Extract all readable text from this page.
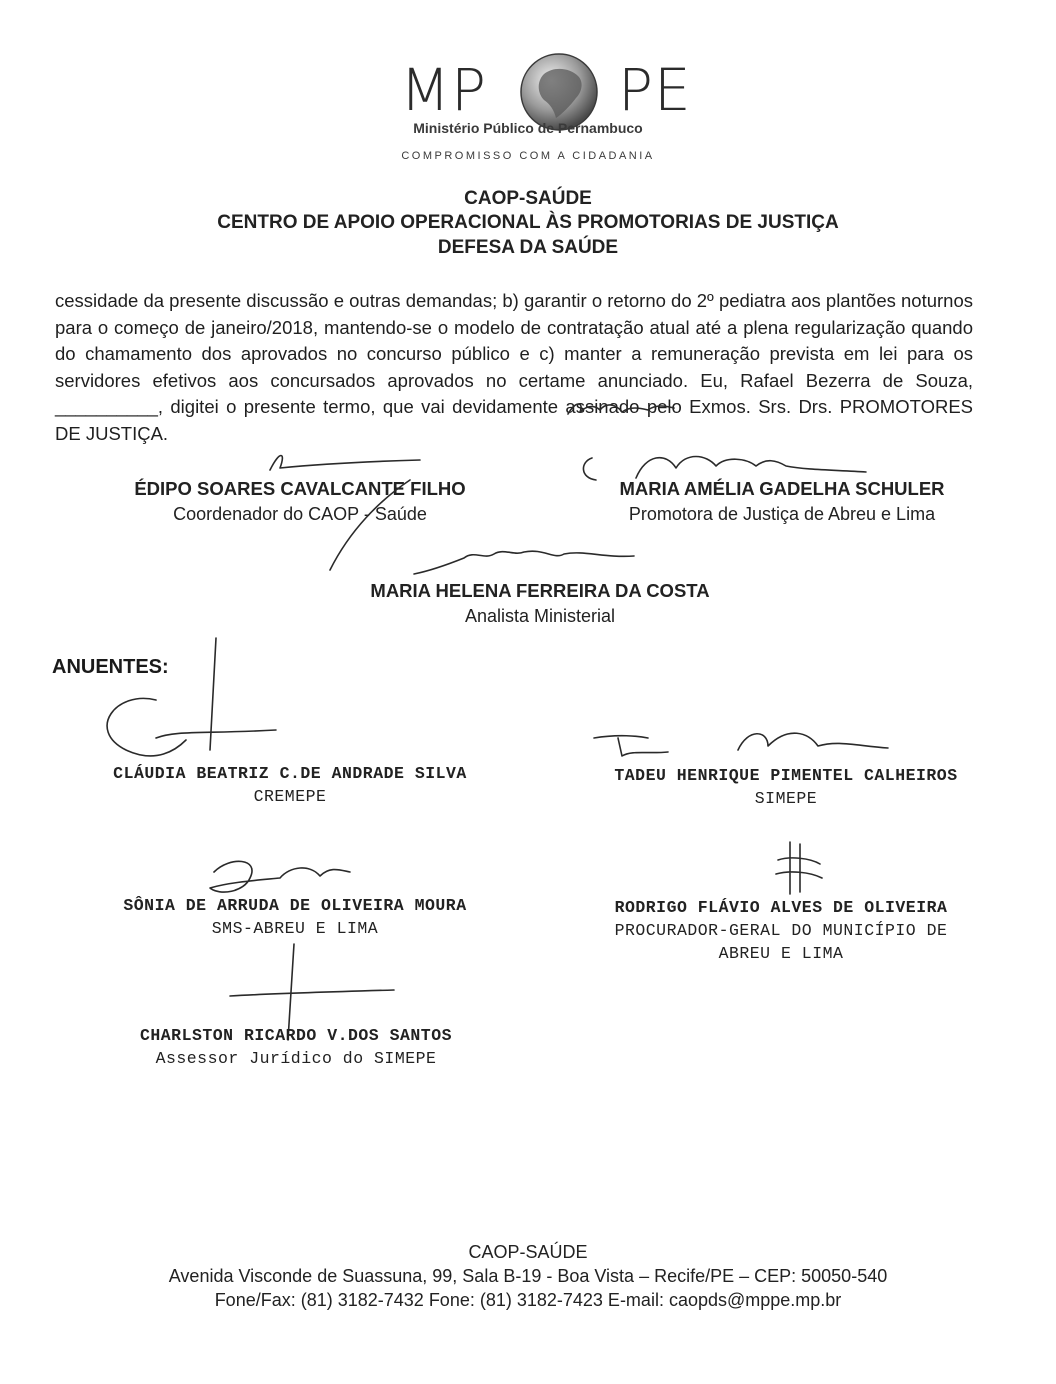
MP PE
Ministério Público de Pernambuco
COMPROMISSO COM A CIDADANIA
CAOP-SAÚDE
CENTRO DE APOIO OPERACIONAL ÀS PROMOTORIAS DE JUSTIÇA
DEFESA DA SAÚDE
cessidade da presente discussão e outras demandas; b) garantir o retorno do 2º pediatra aos plantões noturnos para o começo de janeiro/2018, mantendo-se o modelo de contratação atual até a plena regularização quando do chamamento dos aprovados no concurso público e c) manter a remuneração prevista em lei para os servidores efetivos aos concursados aprovados no certame anunciado. Eu, Rafael Bezerra de Souza, __________, digitei o presente termo, que vai devidamente assinado pelo Exmos. Srs. Drs. PROMOTORES DE JUSTIÇA.
ÉDIPO SOARES CAVALCANTE FILHO
Coordenador do CAOP - Saúde
MARIA AMÉLIA GADELHA SCHULER
Promotora de Justiça de Abreu e Lima
MARIA HELENA FERREIRA DA COSTA
Analista Ministerial
ANUENTES:
CLÁUDIA BEATRIZ C.DE ANDRADE SILVA
CREMEPE
TADEU HENRIQUE PIMENTEL CALHEIROS
SIMEPE
SÔNIA DE ARRUDA DE OLIVEIRA MOURA
SMS-ABREU E LIMA
RODRIGO FLÁVIO ALVES DE OLIVEIRA
PROCURADOR-GERAL DO MUNICÍPIO DE
ABREU E LIMA
CHARLSTON RICARDO V.DOS SANTOS
Assessor Jurídico do SIMEPE
CAOP-SAÚDE
Avenida Visconde de Suassuna, 99, Sala B-19 - Boa Vista – Recife/PE – CEP: 50050-540
Fone/Fax: (81) 3182-7432 Fone: (81) 3182-7423 E-mail: caopds@mppe.mp.br
